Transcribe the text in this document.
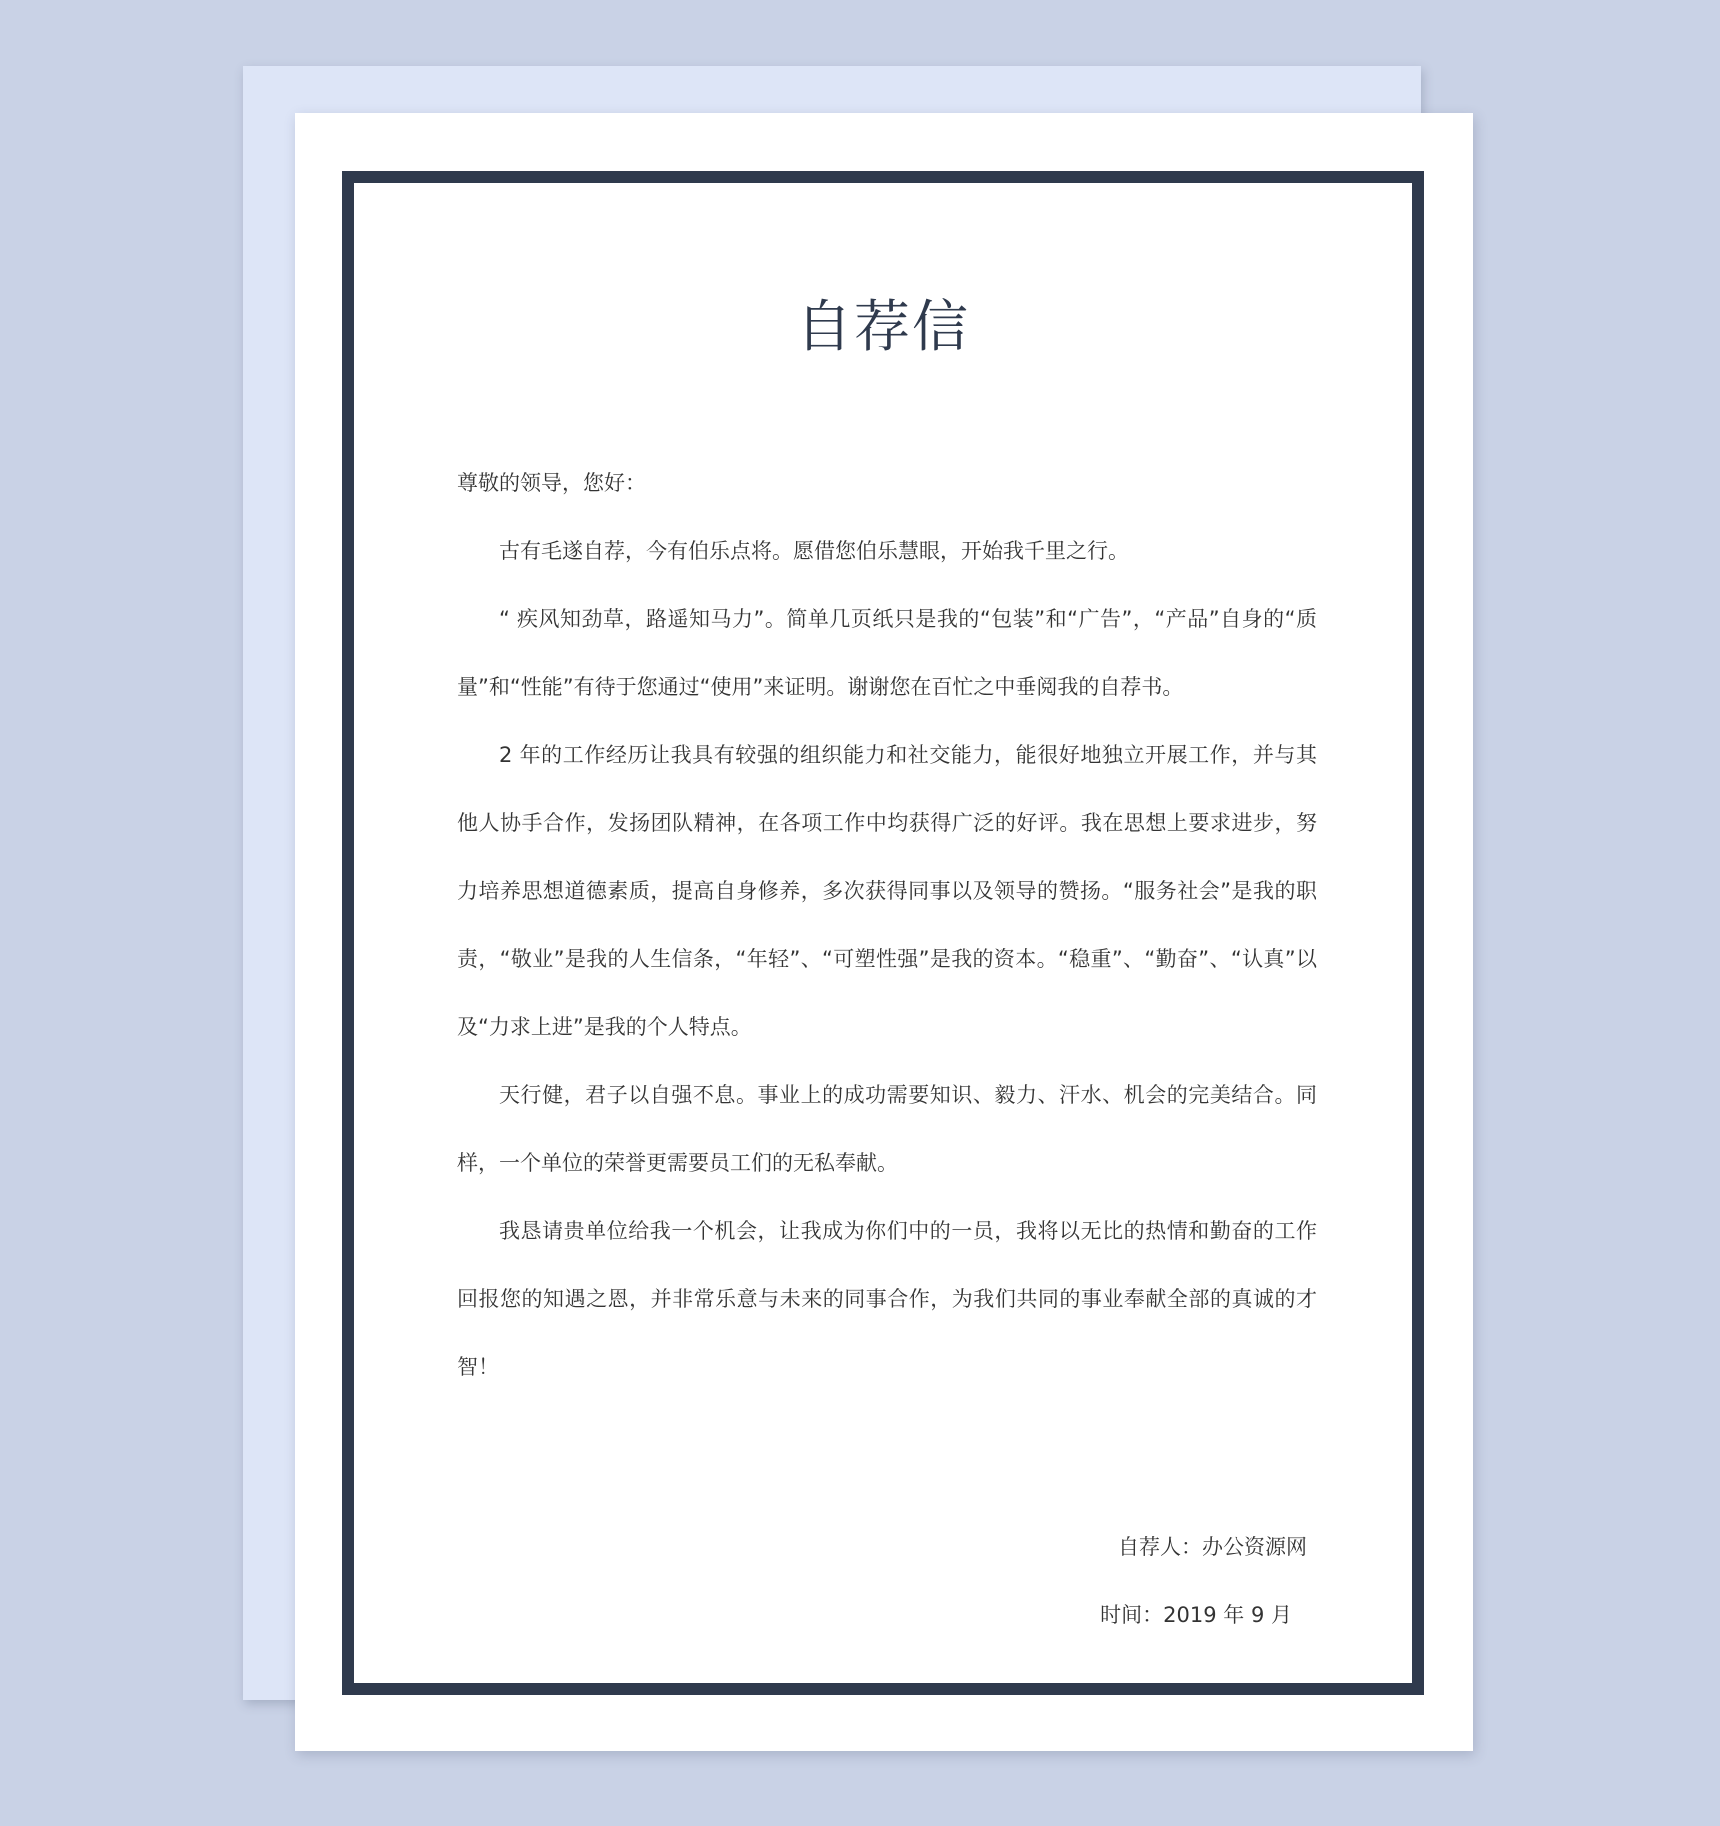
自荐信

尊敬的领导，您好：

古有毛遂自荐，今有伯乐点将。愿借您伯乐慧眼，开始我千里之行。

“ 疾风知劲草，路遥知马力”。简单几页纸只是我的“包装”和“广告”，“产品”自身的“质量”和“性能”有待于您通过“使用”来证明。谢谢您在百忙之中垂阅我的自荐书。

2 年的工作经历让我具有较强的组织能力和社交能力，能很好地独立开展工作，并与其他人协手合作，发扬团队精神，在各项工作中均获得广泛的好评。我在思想上要求进步，努力培养思想道德素质，提高自身修养，多次获得同事以及领导的赞扬。“服务社会”是我的职责，“敬业”是我的人生信条，“年轻”、“可塑性强”是我的资本。“稳重”、“勤奋”、“认真”以及“力求上进”是我的个人特点。

天行健，君子以自强不息。事业上的成功需要知识、毅力、汗水、机会的完美结合。同样，一个单位的荣誉更需要员工们的无私奉献。

我恳请贵单位给我一个机会，让我成为你们中的一员，我将以无比的热情和勤奋的工作回报您的知遇之恩，并非常乐意与未来的同事合作，为我们共同的事业奉献全部的真诚的才智！

自荐人：办公资源网
时间：2019 年 9 月
